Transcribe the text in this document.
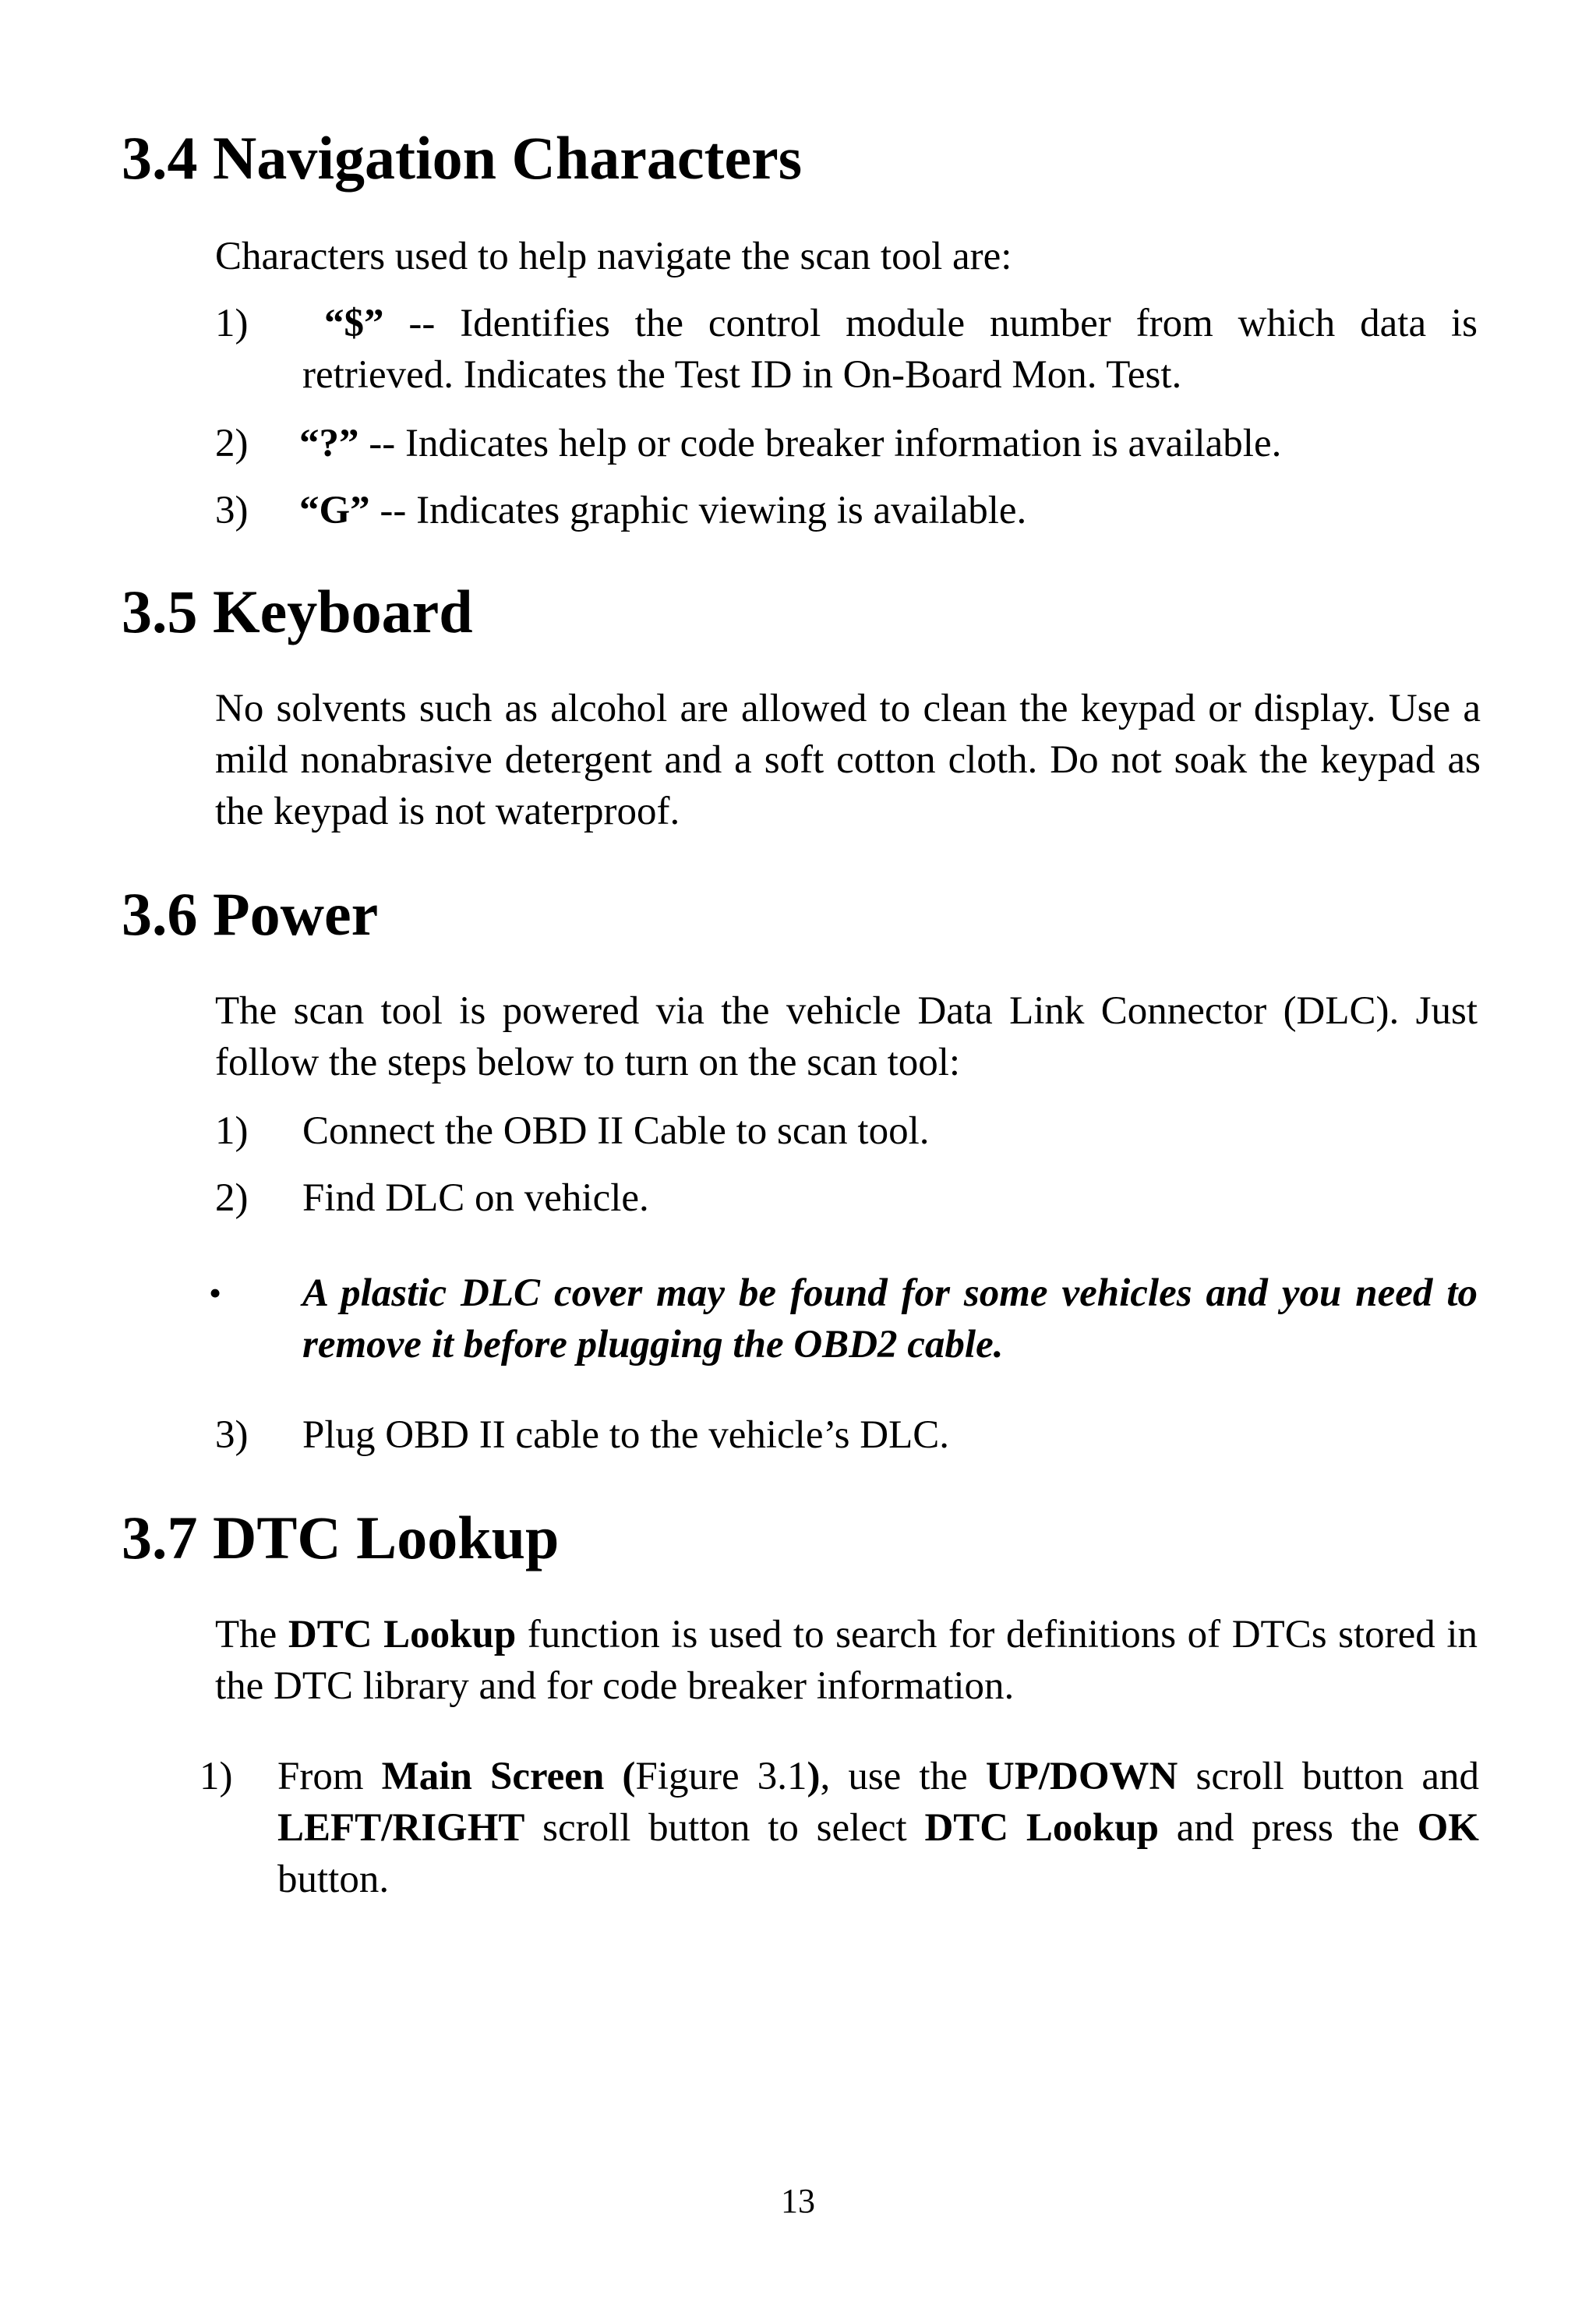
3.4 Navigation Characters
Characters used to help navigate the scan tool are:
1)	“$” -- Identifies the control module number from which data is retrieved. Indicates the Test ID in On-Board Mon. Test.
2) “?” -- Indicates help or code breaker information is available.
3) “G” -- Indicates graphic viewing is available.
3.5 Keyboard
No solvents such as alcohol are allowed to clean the keypad or display. Use a mild nonabrasive detergent and a soft cotton cloth. Do not soak the keypad as the keypad is not waterproof.
3.6 Power
The scan tool is powered via the vehicle Data Link Connector (DLC). Just follow the steps below to turn on the scan tool:
1) Connect the OBD II Cable to scan tool.
2) Find DLC on vehicle.
• A plastic DLC cover may be found for some vehicles and you need to remove it before plugging the OBD2 cable.
3) Plug OBD II cable to the vehicle’s DLC.
3.7 DTC Lookup
The DTC Lookup function is used to search for definitions of DTCs stored in the DTC library and for code breaker information.
1) From Main Screen (Figure 3.1), use the UP/DOWN scroll button and LEFT/RIGHT scroll button to select DTC Lookup and press the OK button.
13
